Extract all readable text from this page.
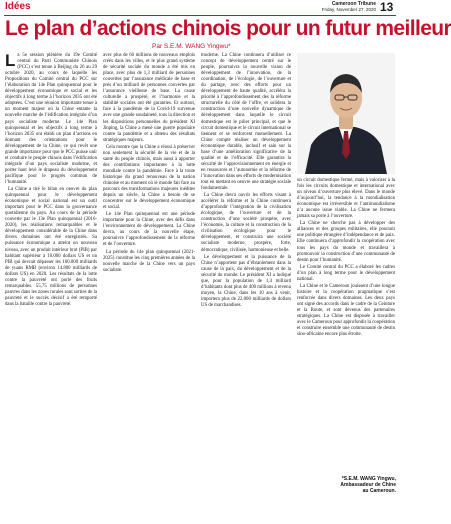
Idées	Cameroon Tribune
Friday, November 27, 2020 13
Le plan d’actions chinois pour un futur meilleur
Par S.E.M. WANG Yingwu*

La 5e session plénière du 19e Comité central du Parti Communiste Chinois (PCC) s’est tenue à Beijing du 26 au 29 octobre 2020, au cours de laquelle les Propositions du Comité central du PCC sur l’élaboration du 14e Plan quinquennal pour le développement économique et social et les objectifs à long terme à l’horizon 2035 ont été adoptées. C’est une réunion importante tenue à un moment majeur où la Chine entame la nouvelle marche de l’édification intégrale d’un pays socialiste moderne. Le 14e Plan quinquennal et les objectifs à long terme à l’horizon 2035 ont établi un plan d’actions en donnant des orientations pour le développement de la Chine, ce qui revêt une grande importance pour que le PCC puisse unir et conduire le peuple chinois dans l’édification intégrale d’un pays socialiste moderne, et porter haut levé le drapeau du développement pacifique pour le progrès commun de l’humanité.

La Chine a tiré le bilan en oeuvre du plan quinquennal pour le développement économique et social national est un outil important pour le PCC dans la gouvernance quotidienne du pays. Au cours de la période couverte par le 13e Plan quinquennal (2016-2020), les réalisations remarquables et le développement considérable de la Chine dans divers domaines ont été enregistrés. Sa puissance économique a atteint un nouveau niveau, avec un produit intérieur brut (PIB) par habitant supérieur à 10.000 dollars US et un PIB qui devrait dépasser les 100.000 milliards de yuans RMB (environ 14.800 milliards de dollars US) en 2020. Les résultats de la lutte contre la pauvreté ont porté des fruits remarquables. 55,75 millions de personnes pauvres dans les zones rurales sont sorties de la pauvreté et le succès décisif a été remporté dans la bataille contre la pauvreté.

avec plus de 60 millions de nouveaux emplois créés dans les villes, et le plus grand système de sécurité sociale du monde a été mis en place, avec plus de 1,3 milliard de personnes couvertes par l’assurance médicale de base et près d’un milliard de personnes couvertes par l’assurance vieillesse de base. La cause culturelle a prospéré, et l’harmonie et la stabilité sociales ont été garanties. Et surtout, face à la pandémie de la Covid-19 survenue avec une grande soudaineté, tous la direction et les dispositions personnelles du président XI Jinping, la Chine a mené une guerre populaire contre la pandémie et a obtenu des résultats stratégiques majeurs.

Cela montre que la Chine a réussi à préserver non seulement la sécurité de la vie et de la santé du peuple chinois, mais aussi à apporter des contributions importantes à la lutte mondiale contre la pandémie. Face à la toute historique du grand renouveau de la nation chinoise et au moment où le monde fait face au parcours des transformations majeures inédites depuis un siècle, la Chine a besoin de se concentrer sur le développement économique et social.

Le 14e Plan quinquennal est une période importante pour la Chine, avec des défis dans l’environnement de développement. La Chine devra, au cours de la nouvelle étape, poursuivre l’approfondissement de la réforme et de l’ouverture.

La période du 14e plan quinquennal (2021-2025) constitue les cinq premières années de la nouvelle marche de la Chine vers un pays socialiste.

moderne. La Chine continuera d’utiliser ce concept de développement centré sur le peuple, poursuivra la nouvelle vision de développement de l’innovation, de la coordination, de l’écologie, de l’ouverture et du partage, avec des efforts pour un développement de haute qualité, accéléra la priorité à l’approfondissement des la réforme structurelle du côté de l’offre, et solidera la construction d’une nouvelle dynamique de développement dans laquelle le circuit domestique est le pilier principal, et que le circuit domestique et le circuit international se tiennent et se renforcent mutuellement. La Chine compte réaliser un développement économique durable, inclusif et sain sur la base d’une amélioration significative de la qualité et de l’efficacité. Elle garantira la sécurité de l’approvisionnement en énergie et en ressources et l’autonomie et la réforme de l’innovation dans ses efforts de modernisation tout en mettant en oeuvre une stratégie sociale fondamentale.

La Chine devra ouvrir les efforts visant à accélérer la réforme et la Chine continuera d’approfondir l’intégration de la civilisation écologique, de l’ouverture et de la construction d’une société prospère, avec l’économie, la culture et la construction de la civilisation écologique pour le développement, et construira une société socialiste moderne, prospère, forte, démocratique, civilisée, harmonieuse et belle.

Le développement et la puissance de la Chine n’apportent pas d’ébranlement dans la cause de la paix, du développement et de la sécurité du monde. Le président XI a indiqué que, pour la population de 1,4 milliard d’habitants dont plus de 400 millions à revenu moyen, la Chine, dans les 10 ans à venir, importera plus de 22.000 milliards de dollars US de marchandises.

un circuit domestique fermé, mais à valoriser à la fois les circuits domestique et international avec un niveau d’ouverture plus élevé. Dans le monde d’aujourd’hui, la tendance à la mondialisation économique est irréversible et l’antimondialisme n’a aucune issue viable. La Chine ne fermera jamais sa porte à l’ouverture.

La Chine ne cherche pas à développer des alliances et des groupes militaires, elle poursuit une politique étrangère d’indépendance et de paix. Elle continuera d’approfondir la coopération avec tous les pays du monde et travaillera à promouvoir la construction d’une communauté de destin pour l’humanité.

Le Comité central du PCC a élaboré les cadres d’un plan à long terme pour le développement national.

La Chine et le Cameroun jouissent d’une longue histoire et la coopération pragmatique s’est renforcée dans divers domaines. Les deux pays ont signé des accords dans le cadre de la Ceinture et la Route, et sont devenus des partenaires stratégiques. La Chine est disposée à travailler avec le Cameroun pour approfondir la coopération et construire ensemble une communauté de destin sino-africaine encore plus étroite.

*S.E.M. WANG Yingwu, Ambassadeur de Chine au Cameroun.
